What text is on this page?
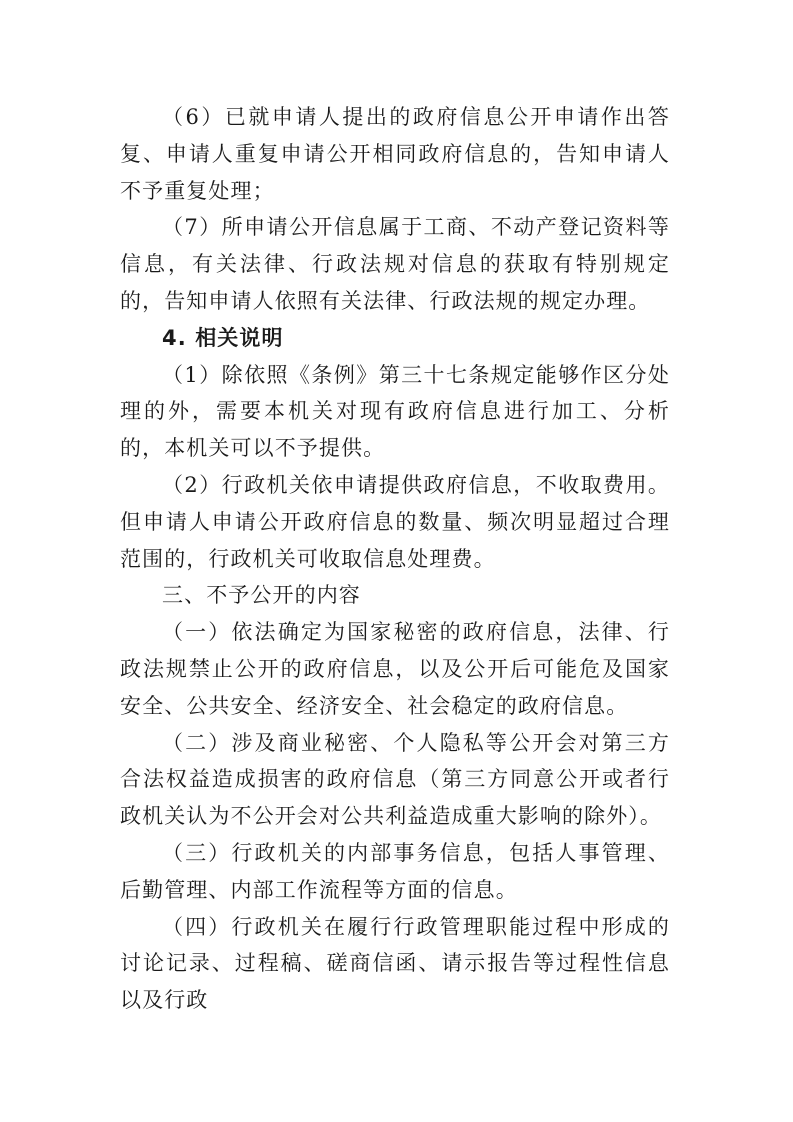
（6）已就申请人提出的政府信息公开申请作出答复、申请人重复申请公开相同政府信息的，告知申请人不予重复处理；

（7）所申请公开信息属于工商、不动产登记资料等信息，有关法律、行政法规对信息的获取有特别规定的，告知申请人依照有关法律、行政法规的规定办理。

4. 相关说明

（1）除依照《条例》第三十七条规定能够作区分处理的外，需要本机关对现有政府信息进行加工、分析的，本机关可以不予提供。

（2）行政机关依申请提供政府信息，不收取费用。但申请人申请公开政府信息的数量、频次明显超过合理范围的，行政机关可收取信息处理费。

三、不予公开的内容

（一）依法确定为国家秘密的政府信息，法律、行政法规禁止公开的政府信息，以及公开后可能危及国家安全、公共安全、经济安全、社会稳定的政府信息。

（二）涉及商业秘密、个人隐私等公开会对第三方合法权益造成损害的政府信息（第三方同意公开或者行政机关认为不公开会对公共利益造成重大影响的除外）。

（三）行政机关的内部事务信息，包括人事管理、后勤管理、内部工作流程等方面的信息。

（四）行政机关在履行行政管理职能过程中形成的讨论记录、过程稿、磋商信函、请示报告等过程性信息以及行政
